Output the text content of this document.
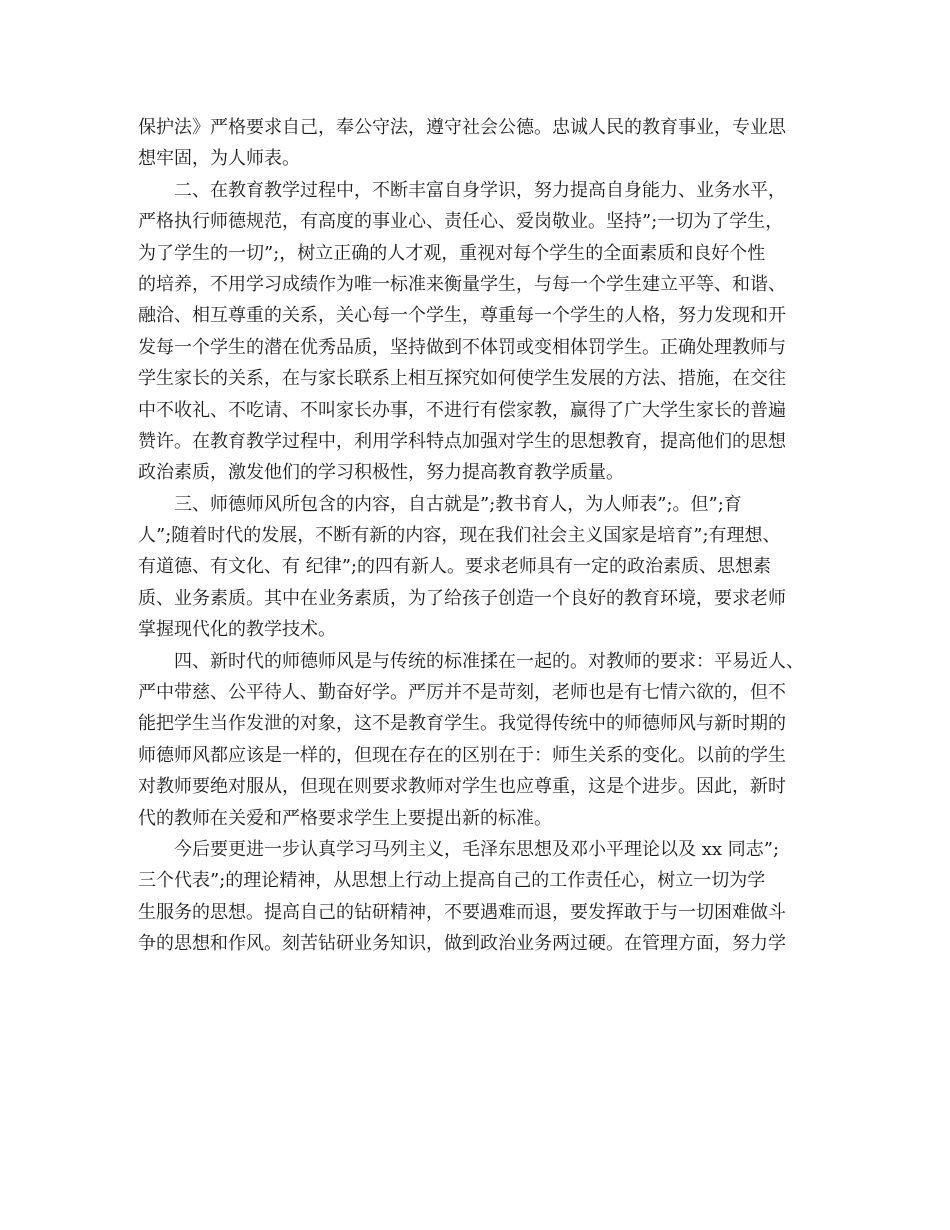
保护法》严格要求自己，奉公守法，遵守社会公德。忠诚人民的教育事业，专业思
想牢固，为人师表。
二、在教育教学过程中，不断丰富自身学识，努力提高自身能力、业务水平，
严格执行师德规范，有高度的事业心、责任心、爱岗敬业。坚持”;一切为了学生，
为了学生的一切”;，树立正确的人才观，重视对每个学生的全面素质和良好个性
的培养，不用学习成绩作为唯一标准来衡量学生，与每一个学生建立平等、和谐、
融洽、相互尊重的关系，关心每一个学生，尊重每一个学生的人格，努力发现和开
发每一个学生的潜在优秀品质，坚持做到不体罚或变相体罚学生。正确处理教师与
学生家长的关系，在与家长联系上相互探究如何使学生发展的方法、措施，在交往
中不收礼、不吃请、不叫家长办事，不进行有偿家教，赢得了广大学生家长的普遍
赞许。在教育教学过程中，利用学科特点加强对学生的思想教育，提高他们的思想
政治素质，激发他们的学习积极性，努力提高教育教学质量。
三、师德师风所包含的内容，自古就是”;教书育人，为人师表”;。但”;育
人”;随着时代的发展，不断有新的内容，现在我们社会主义国家是培育”;有理想、
有道德、有文化、有 纪律”;的四有新人。要求老师具有一定的政治素质、思想素
质、业务素质。其中在业务素质，为了给孩子创造一个良好的教育环境，要求老师
掌握现代化的教学技术。
四、新时代的师德师风是与传统的标准揉在一起的。对教师的要求：平易近人、
严中带慈、公平待人、勤奋好学。严厉并不是苛刻，老师也是有七情六欲的，但不
能把学生当作发泄的对象，这不是教育学生。我觉得传统中的师德师风与新时期的
师德师风都应该是一样的，但现在存在的区别在于：师生关系的变化。以前的学生
对教师要绝对服从，但现在则要求教师对学生也应尊重，这是个进步。因此，新时
代的教师在关爱和严格要求学生上要提出新的标准。
今后要更进一步认真学习马列主义，毛泽东思想及邓小平理论以及 xx 同志”;
三个代表”;的理论精神，从思想上行动上提高自己的工作责任心，树立一切为学
生服务的思想。提高自己的钻研精神，不要遇难而退，要发挥敢于与一切困难做斗
争的思想和作风。刻苦钻研业务知识，做到政治业务两过硬。在管理方面，努力学
